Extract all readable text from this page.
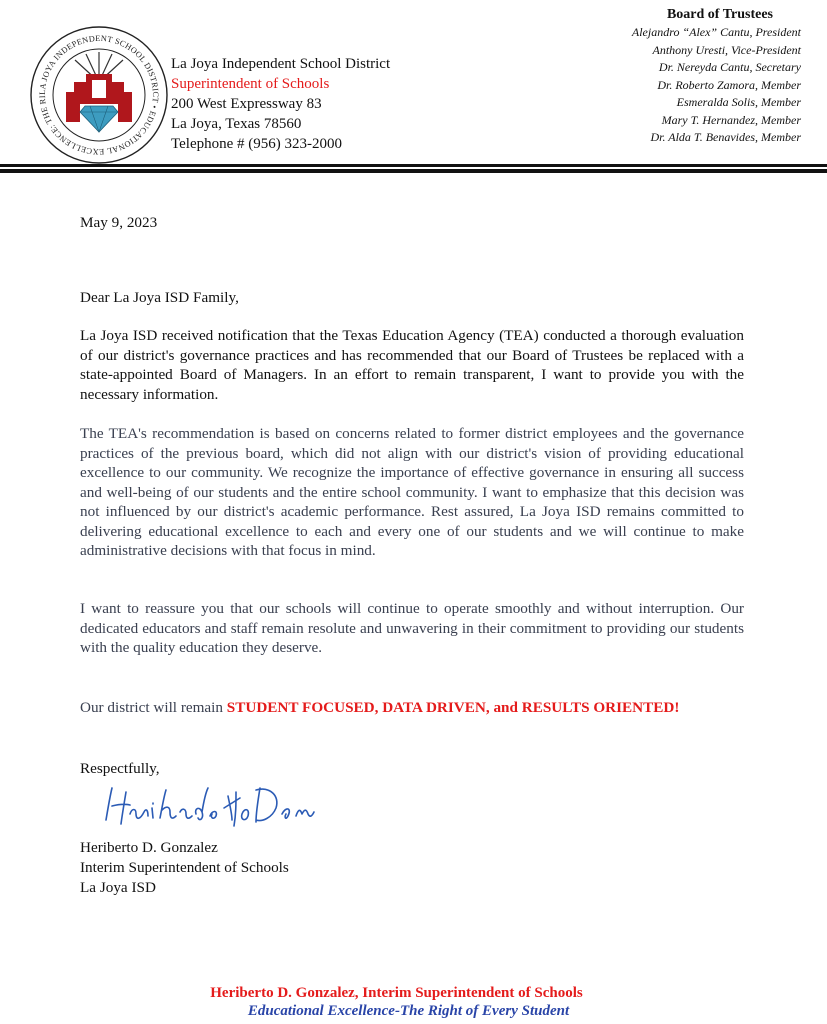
LA JOYA INDEPENDENT SCHOOL DISTRICT • EDUCATIONAL EXCELLENCE: THE RI
La Joya Independent School District
Superintendent of Schools
200 West Expressway 83
La Joya, Texas 78560
Telephone # (956) 323-2000
Board of Trustees
Alejandro “Alex” Cantu, President
Anthony Uresti, Vice-President
Dr. Nereyda Cantu, Secretary
Dr. Roberto Zamora, Member
Esmeralda Solis, Member
Mary T. Hernandez, Member
Dr. Alda T. Benavides, Member
May 9, 2023
Dear La Joya ISD Family,
La Joya ISD received notification that the Texas Education Agency (TEA) conducted a thorough evaluation of our district's governance practices and has recommended that our Board of Trustees be replaced with a state-appointed Board of Managers. In an effort to remain transparent, I want to provide you with the necessary information.
The TEA's recommendation is based on concerns related to former district employees and the governance practices of the previous board, which did not align with our district's vision of providing educational excellence to our community. We recognize the importance of effective governance in ensuring all success and well-being of our students and the entire school community. I want to emphasize that this decision was not influenced by our district's academic performance. Rest assured, La Joya ISD remains committed to delivering educational excellence to each and every one of our students and we will continue to make administrative decisions with that focus in mind.
I want to reassure you that our schools will continue to operate smoothly and without interruption. Our dedicated educators and staff remain resolute and unwavering in their commitment to providing our students with the quality education they deserve.
Our district will remain STUDENT FOCUSED, DATA DRIVEN, and RESULTS ORIENTED!
Respectfully,
Heriberto D. Gonzalez
Interim Superintendent of Schools
La Joya ISD
Heriberto D. Gonzalez, Interim Superintendent of Schools
Educational Excellence-The Right of Every Student
